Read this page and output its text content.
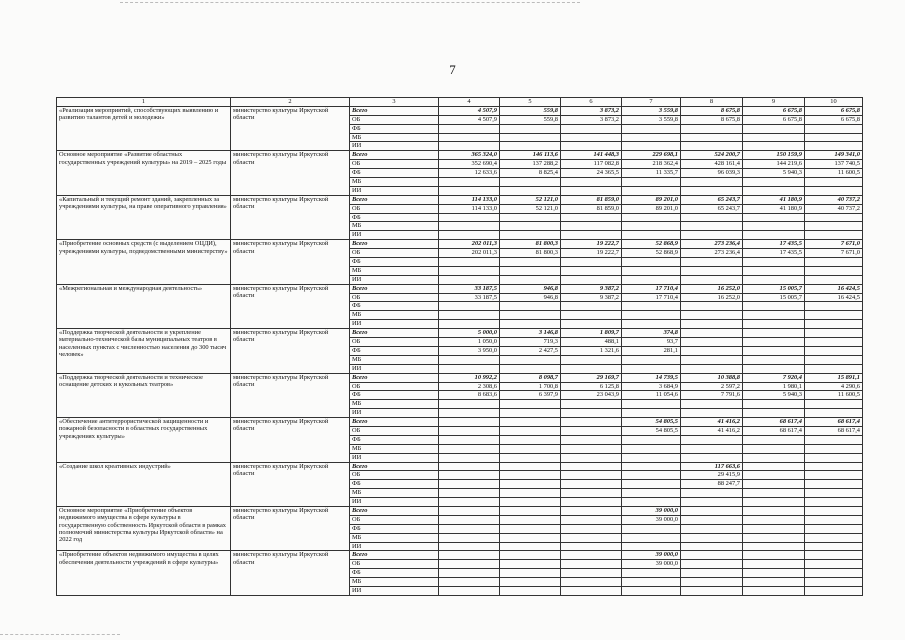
7
1	2	3	4	5	6	7	8	9	10
«Реализация мероприятий, способствующих выявлению и развитию талантов детей и молодежи»	министерство культуры Иркутской области	Всего	4 507,9	559,8	3 873,2	3 559,8	8 675,8	6 675,8	6 675,8
		ОБ	4 507,9	559,8	3 873,2	3 559,8	8 675,8	6 675,8	6 675,8
		ФБ							
		МБ							
		ИИ							
Основное мероприятие «Развитие областных государственных учреждений культуры» на 2019 – 2025 годы	министерство культуры Иркутской области	Всего	365 324,0	146 113,6	141 448,3	229 698,1	524 200,7	150 159,9	149 341,0
		ОБ	352 690,4	137 288,2	117 082,8	218 362,4	428 161,4	144 219,6	137 740,5
		ФБ	12 633,6	8 825,4	24 365,5	11 335,7	96 039,3	5 940,3	11 600,5
		МБ							
		ИИ							
«Капитальный и текущий ремонт зданий, закрепленных за учреждениями культуры, на праве оперативного управления»	министерство культуры Иркутской области	Всего	114 133,0	52 121,0	81 859,0	89 201,0	65 243,7	41 180,9	40 737,2
		ОБ	114 133,0	52 121,0	81 859,0	89 201,0	65 243,7	41 180,9	40 737,2
		ФБ							
		МБ							
		ИИ							
«Приобретение основных средств (с выделением ОЦДИ), учреждениями культуры, подведомственными министерству»	министерство культуры Иркутской области	Всего	202 011,3	81 800,3	19 222,7	52 868,9	273 236,4	17 435,5	7 671,0
		ОБ	202 011,3	81 800,3	19 222,7	52 868,9	273 236,4	17 435,5	7 671,0
		ФБ							
		МБ							
		ИИ							
«Межрегиональная и международная деятельность»	министерство культуры Иркутской области	Всего	33 187,5	946,8	9 387,2	17 710,4	16 252,0	15 005,7	16 424,5
		ОБ	33 187,5	946,8	9 387,2	17 710,4	16 252,0	15 005,7	16 424,5
		ФБ							
		МБ							
		ИИ							
«Поддержка творческой деятельности и укрепление материально-технической базы муниципальных театров в населенных пунктах с численностью населения до 300 тысяч человек»	министерство культуры Иркутской области	Всего	5 000,0	3 146,8	1 809,7	374,8			
		ОБ	1 050,0	719,3	488,1	93,7			
		ФБ	3 950,0	2 427,5	1 321,6	281,1			
		МБ							
		ИИ							
«Поддержка творческой деятельности и техническое оснащение детских и кукольных театров»	министерство культуры Иркутской области	Всего	10 992,2	8 098,7	29 169,7	14 739,5	10 388,8	7 920,4	15 891,1
		ОБ	2 308,6	1 700,8	6 125,8	3 684,9	2 597,2	1 980,1	4 290,6
		ФБ	8 683,6	6 397,9	23 043,9	11 054,6	7 791,6	5 940,3	11 600,5
		МБ							
		ИИ							
«Обеспечение антитеррористической защищенности и пожарной безопасности в областных государственных учреждениях культуры»	министерство культуры Иркутской области	Всего				54 805,5	41 416,2	68 617,4	68 617,4
		ОБ				54 805,5	41 416,2	68 617,4	68 617,4
		ФБ							
		МБ							
		ИИ							
«Создание школ креативных индустрий»	министерство культуры Иркутской области	Всего					117 663,6		
		ОБ					29 415,9		
		ФБ					88 247,7		
		МБ							
		ИИ							
Основное мероприятие «Приобретение объектов недвижимого имущества в сфере культуры в государственную собственность Иркутской области в рамках полномочий министерства культуры Иркутской области» на 2022 год	министерство культуры Иркутской области	Всего				39 000,0			
		ОБ				39 000,0			
		ФБ							
		МБ							
		ИИ							
«Приобретение объектов недвижимого имущества в целях обеспечения деятельности учреждений в сфере культуры»	министерство культуры Иркутской области	Всего				39 000,0			
		ОБ				39 000,0			
		ФБ							
		МБ							
		ИИ							
